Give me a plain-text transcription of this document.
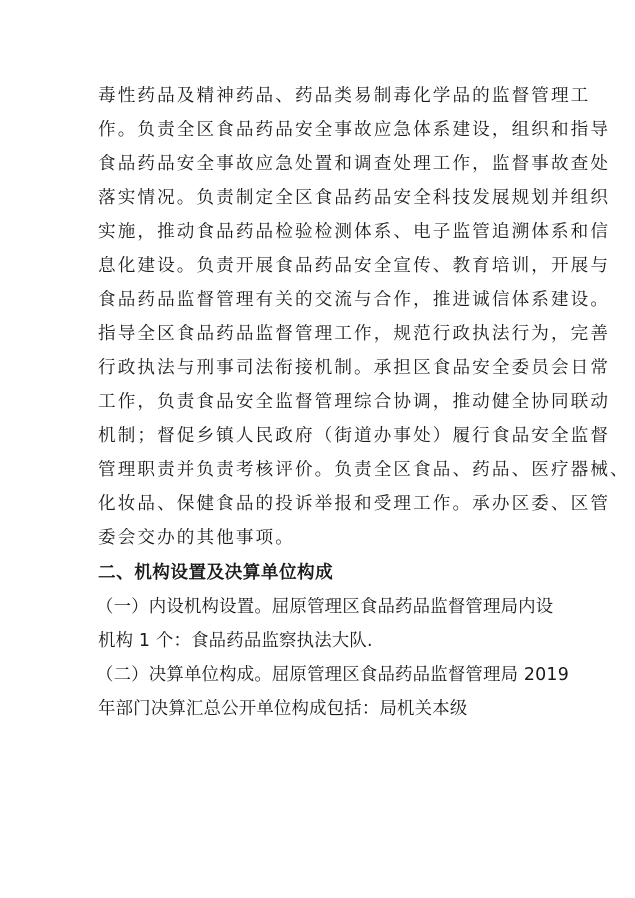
毒性药品及精神药品、药品类易制毒化学品的监督管理工
作。负责全区食品药品安全事故应急体系建设，组织和指导
食品药品安全事故应急处置和调查处理工作，监督事故查处
落实情况。负责制定全区食品药品安全科技发展规划并组织
实施，推动食品药品检验检测体系、电子监管追溯体系和信
息化建设。负责开展食品药品安全宣传、教育培训，开展与
食品药品监督管理有关的交流与合作，推进诚信体系建设。
指导全区食品药品监督管理工作，规范行政执法行为，完善
行政执法与刑事司法衔接机制。承担区食品安全委员会日常
工作，负责食品安全监督管理综合协调，推动健全协同联动
机制；督促乡镇人民政府（街道办事处）履行食品安全监督
管理职责并负责考核评价。负责全区食品、药品、医疗器械、
化妆品、保健食品的投诉举报和受理工作。承办区委、区管
委会交办的其他事项。
二、机构设置及决算单位构成
（一）内设机构设置。屈原管理区食品药品监督管理局内设
机构 1 个：食品药品监察执法大队.
（二）决算单位构成。屈原管理区食品药品监督管理局 2019
年部门决算汇总公开单位构成包括：局机关本级
